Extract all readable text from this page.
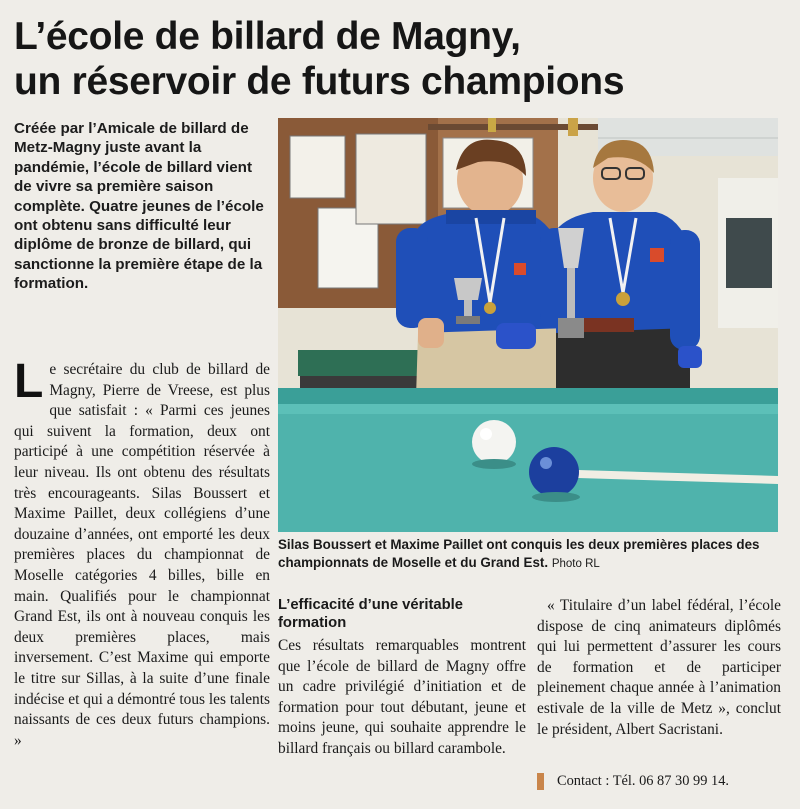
L’école de billard de Magny,
un réservoir de futurs champions
Créée par l’Amicale de billard de Metz-Magny juste avant la pandémie, l’école de billard vient de vivre sa première saison complète. Quatre jeunes de l’école ont obtenu sans difficulté leur diplôme de bronze de billard, qui sanctionne la première étape de la formation.
Le secrétaire du club de billard de Magny, Pierre de Vreese, est plus que satisfait : « Parmi ces jeunes qui suivent la formation, deux ont participé à une compétition réservée à leur niveau. Ils ont obtenu des résultats très encourageants. Silas Boussert et Maxime Paillet, deux collégiens d’une douzaine d’années, ont emporté les deux premières places du championnat de Moselle catégories 4 billes, bille en main. Qualifiés pour le championnat Grand Est, ils ont à nouveau conquis les deux premières places, mais inversement. C’est Maxime qui emporte le titre sur Sillas, à la suite d’une finale indécise et qui a démontré tous les talents naissants de ces deux futurs champions. »
Silas Boussert et Maxime Paillet ont conquis les deux premières places des championnats de Moselle et du Grand Est. Photo RL
L’efficacité d’une véritable formation
Ces résultats remarquables montrent que l’école de billard de Magny offre un cadre privilégié d’initiation et de formation pour tout débutant, jeune et moins jeune, qui souhaite apprendre le billard français ou billard carambole.

« Titulaire d’un label fédéral, l’école dispose de cinq animateurs diplômés qui lui permettent d’assurer les cours de formation et de participer pleinement chaque année à l’animation estivale de la ville de Metz », conclut le président, Albert Sacristani.

Contact : Tél. 06 87 30 99 14.
